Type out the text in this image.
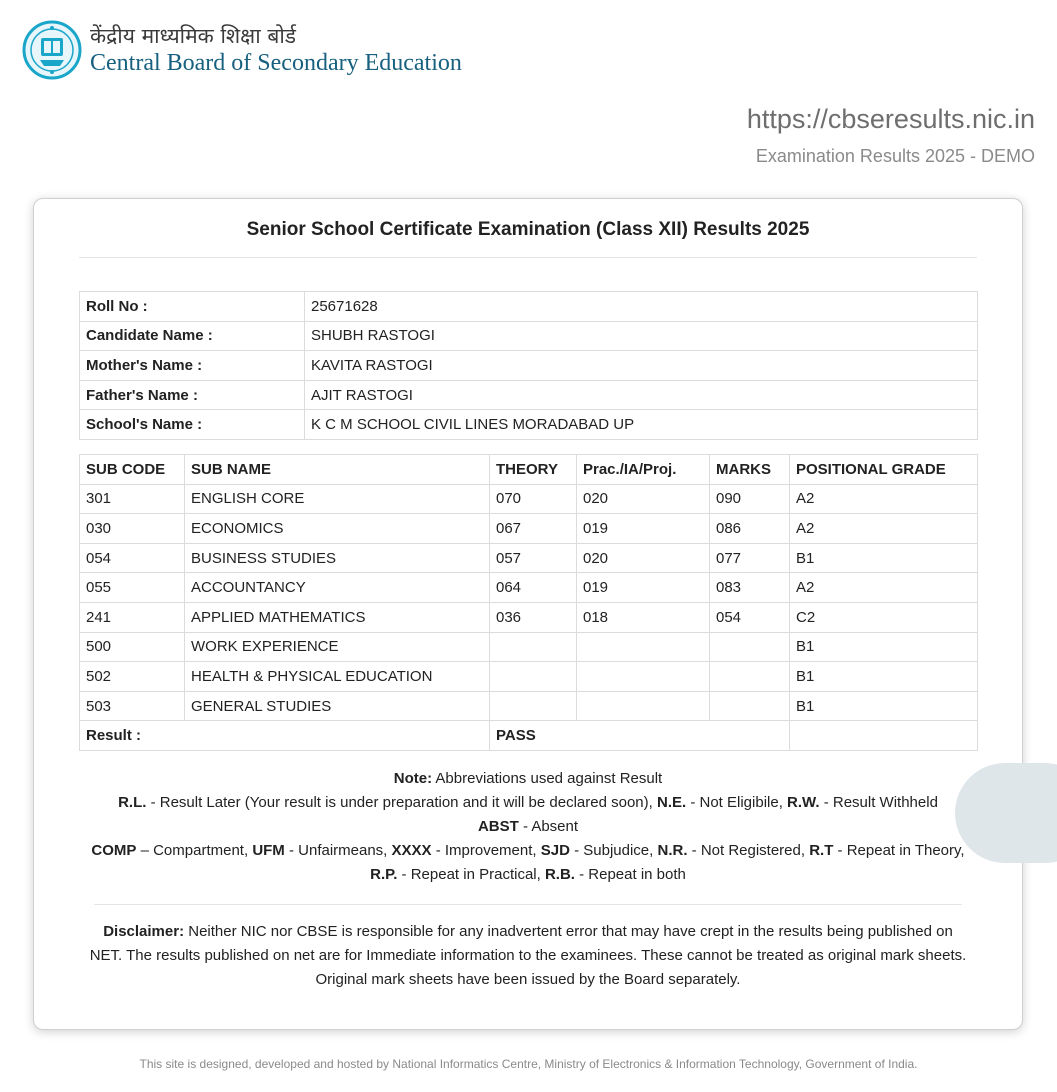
केंद्रीय माध्यमिक शिक्षा बोर्ड
Central Board of Secondary Education
https://cbseresults.nic.in
Examination Results 2025 - DEMO
Senior School Certificate Examination (Class XII) Results 2025
Roll No :	25671628
Candidate Name :	SHUBH RASTOGI
Mother's Name :	KAVITA RASTOGI
Father's Name :	AJIT RASTOGI
School's Name :	K C M SCHOOL CIVIL LINES MORADABAD UP
SUB CODE	SUB NAME	THEORY	Prac./IA/Proj.	MARKS	POSITIONAL GRADE
301	ENGLISH CORE	070	020	090	A2
030	ECONOMICS	067	019	086	A2
054	BUSINESS STUDIES	057	020	077	B1
055	ACCOUNTANCY	064	019	083	A2
241	APPLIED MATHEMATICS	036	018	054	C2
500	WORK EXPERIENCE				B1
502	HEALTH & PHYSICAL EDUCATION				B1
503	GENERAL STUDIES				B1
Result :		PASS			
Note: Abbreviations used against Result
R.L. - Result Later (Your result is under preparation and it will be declared soon), N.E. - Not Eligibile, R.W. - Result Withheld
ABST - Absent
COMP – Compartment, UFM - Unfairmeans, XXXX - Improvement, SJD - Subjudice, N.R. - Not Registered, R.T - Repeat in Theory, R.P. - Repeat in Practical, R.B. - Repeat in both
Disclaimer: Neither NIC nor CBSE is responsible for any inadvertent error that may have crept in the results being published on NET. The results published on net are for Immediate information to the examinees. These cannot be treated as original mark sheets. Original mark sheets have been issued by the Board separately.
This site is designed, developed and hosted by National Informatics Centre, Ministry of Electronics & Information Technology, Government of India.
